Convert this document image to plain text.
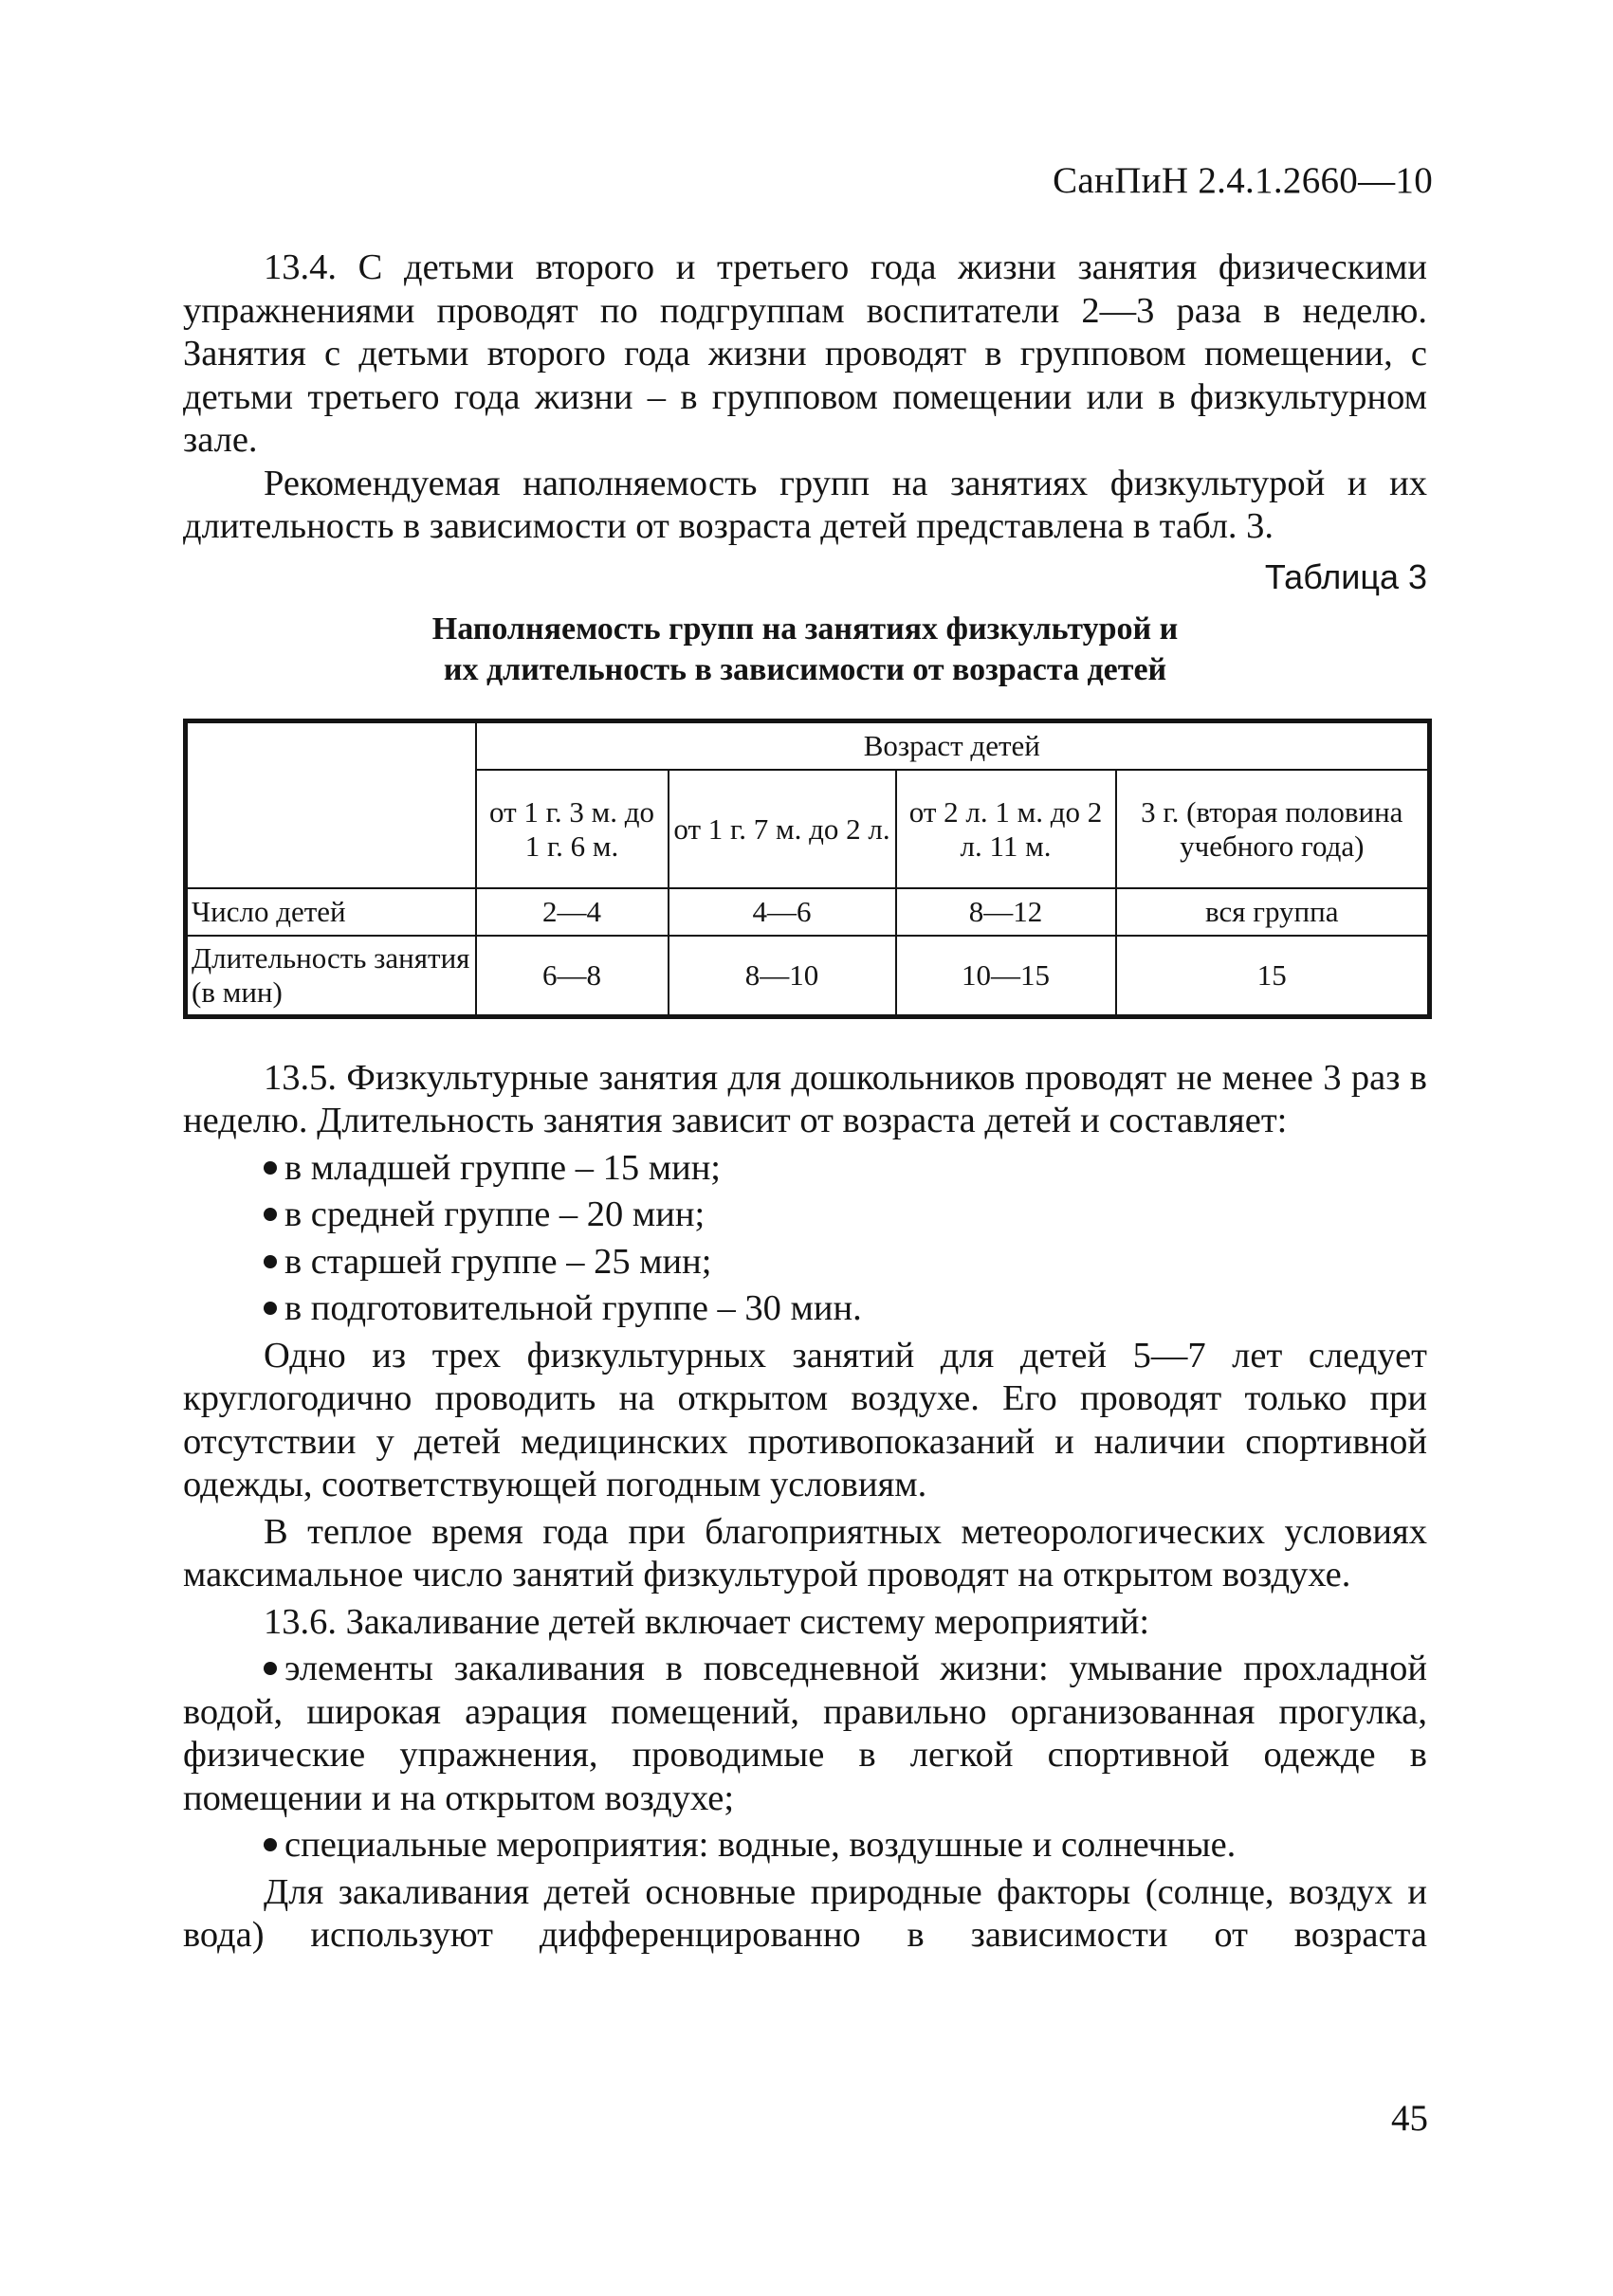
СанПиН 2.4.1.2660—10

13.4. С детьми второго и третьего года жизни занятия физическими упражнениями проводят по подгруппам воспитатели 2—3 раза в неделю. Занятия с детьми второго года жизни проводят в групповом помещении, с детьми третьего года жизни – в групповом помещении или в физкультурном зале.

Рекомендуемая наполняемость групп на занятиях физкультурой и их длительность в зависимости от возраста детей представлена в табл. 3.

Таблица 3
Наполняемость групп на занятиях физкультурой и
их длительность в зависимости от возраста детей
	Возраст детей			
	от 1 г. 3 м. до 1 г. 6 м.	от 1 г. 7 м. до 2 л.	от 2 л. 1 м. до 2 л. 11 м.	3 г. (вторая половина учебного года)
Число детей	2—4	4—6	8—12	вся группа
Длительность занятия (в мин)	6—8	8—10	10—15	15

13.5. Физкультурные занятия для дошкольников проводят не менее 3 раз в неделю. Длительность занятия зависит от возраста детей и составляет:

в младшей группе – 15 мин;

в средней группе – 20 мин;

в старшей группе – 25 мин;

в подготовительной группе – 30 мин.

Одно из трех физкультурных занятий для детей 5—7 лет следует круглогодично проводить на открытом воздухе. Его проводят только при отсутствии у детей медицинских противопоказаний и наличии спортивной одежды, соответствующей погодным условиям.

В теплое время года при благоприятных метеорологических условиях максимальное число занятий физкультурой проводят на открытом воздухе.

13.6. Закаливание детей включает систему мероприятий:

элементы закаливания в повседневной жизни: умывание прохладной водой, широкая аэрация помещений, правильно организованная прогулка, физические упражнения, проводимые в легкой спортивной одежде в помещении и на открытом воздухе;

специальные мероприятия: водные, воздушные и солнечные.

Для закаливания детей основные природные факторы (солнце, воздух и вода) используют дифференцированно в зависимости от возраста

45
